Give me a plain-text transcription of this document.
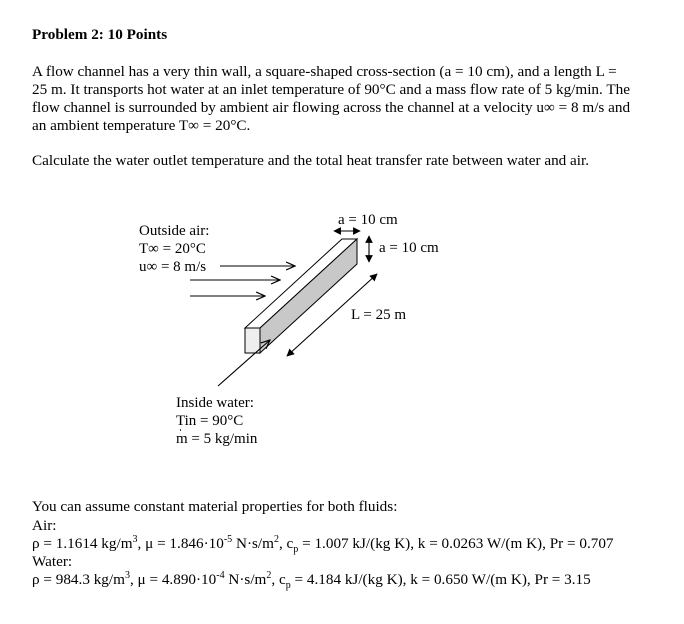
Problem 2: 10 Points
A flow channel has a very thin wall, a square-shaped cross-section (a = 10 cm), and a length L =
25 m. It transports hot water at an inlet temperature of 90°C and a mass flow rate of 5 kg/min. The
flow channel is surrounded by ambient air flowing across the channel at a velocity u∞ = 8 m/s and
an ambient temperature T∞ = 20°C.
Calculate the water outlet temperature and the total heat transfer rate between water and air.
Outside air:
T∞ = 20°C
u∞ = 8 m/s
a = 10 cm
a = 10 cm
L = 25 m
Inside water:
Tin = 90°C
m = 5 kg/min
You can assume constant material properties for both fluids:
Air:
ρ = 1.1614 $kg/m^3$, $\mu = 1.846\cdot 10^{-5}$ $N\cdot s/m^2$, $c_p = 1.007$ kJ/(kg K), k = 0.0263 W/(m K), Pr = 0.707
Water:
ρ = 984.3 $kg/m^3$, $\mu = 4.890\cdot 10^{-4}$ $N\cdot s/m^2$, $c_p = 4.184$ kJ/(kg K), k = 0.650 W/(m K), Pr = 3.15
